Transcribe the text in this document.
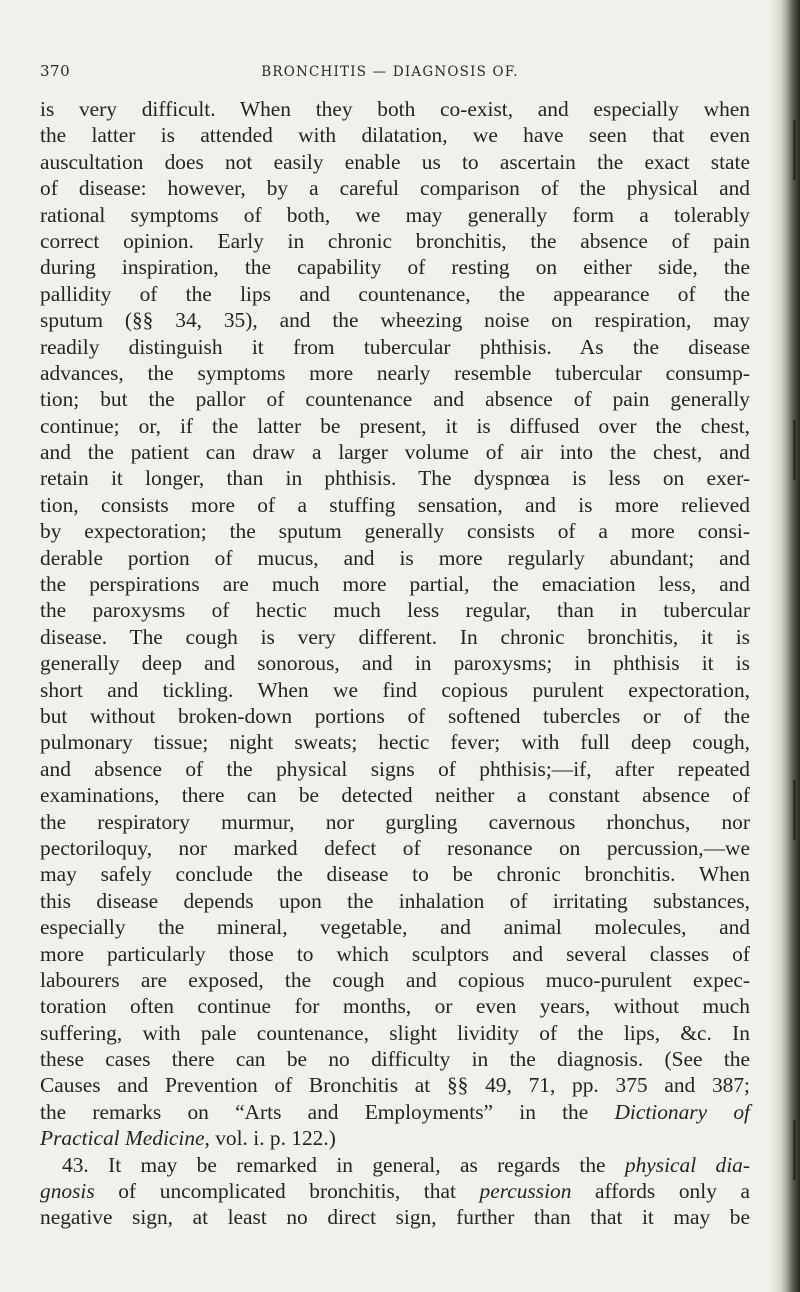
370	BRONCHITIS — DIAGNOSIS OF.
is very difficult. When they both co-exist, and especially when
the latter is attended with dilatation, we have seen that even
auscultation does not easily enable us to ascertain the exact state
of disease: however, by a careful comparison of the physical and
rational symptoms of both, we may generally form a tolerably
correct opinion. Early in chronic bronchitis, the absence of pain
during inspiration, the capability of resting on either side, the
pallidity of the lips and countenance, the appearance of the
sputum (§§ 34, 35), and the wheezing noise on respiration, may
readily distinguish it from tubercular phthisis. As the disease
advances, the symptoms more nearly resemble tubercular consump-
tion; but the pallor of countenance and absence of pain generally
continue; or, if the latter be present, it is diffused over the chest,
and the patient can draw a larger volume of air into the chest, and
retain it longer, than in phthisis. The dyspnœa is less on exer-
tion, consists more of a stuffing sensation, and is more relieved
by expectoration; the sputum generally consists of a more consi-
derable portion of mucus, and is more regularly abundant; and
the perspirations are much more partial, the emaciation less, and
the paroxysms of hectic much less regular, than in tubercular
disease. The cough is very different. In chronic bronchitis, it is
generally deep and sonorous, and in paroxysms; in phthisis it is
short and tickling. When we find copious purulent expectoration,
but without broken-down portions of softened tubercles or of the
pulmonary tissue; night sweats; hectic fever; with full deep cough,
and absence of the physical signs of phthisis;—if, after repeated
examinations, there can be detected neither a constant absence of
the respiratory murmur, nor gurgling cavernous rhonchus, nor
pectoriloquy, nor marked defect of resonance on percussion,—we
may safely conclude the disease to be chronic bronchitis. When
this disease depends upon the inhalation of irritating substances,
especially the mineral, vegetable, and animal molecules, and
more particularly those to which sculptors and several classes of
labourers are exposed, the cough and copious muco-purulent expec-
toration often continue for months, or even years, without much
suffering, with pale countenance, slight lividity of the lips, &c. In
these cases there can be no difficulty in the diagnosis. (See the
Causes and Prevention of Bronchitis at §§ 49, 71, pp. 375 and 387;
the remarks on “Arts and Employments” in the Dictionary of
Practical Medicine, vol. i. p. 122.)
43. It may be remarked in general, as regards the physical dia-
gnosis of uncomplicated bronchitis, that percussion affords only a
negative sign, at least no direct sign, further than that it may be
